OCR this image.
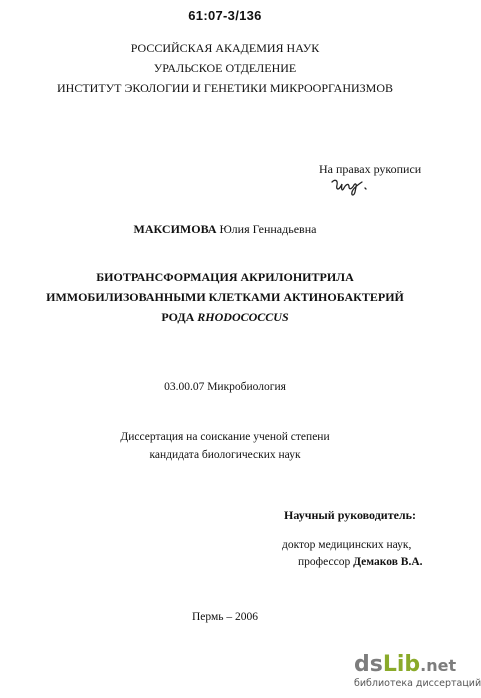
61:07-3/136
РОССИЙСКАЯ АКАДЕМИЯ НАУК
УРАЛЬСКОЕ ОТДЕЛЕНИЕ
ИНСТИТУТ ЭКОЛОГИИ И ГЕНЕТИКИ МИКРООРГАНИЗМОВ
На правах рукописи
МАКСИМОВА Юлия Геннадьевна
БИОТРАНСФОРМАЦИЯ АКРИЛОНИТРИЛА
ИММОБИЛИЗОВАННЫМИ КЛЕТКАМИ АКТИНОБАКТЕРИЙ
РОДА RHODOCOCCUS
03.00.07 Микробиология
Диссертация на соискание ученой степени
кандидата биологических наук
Научный руководитель:
доктор медицинских наук,
профессор Демаков В.А.
Пермь – 2006
dsLib.net
библиотека диссертаций
